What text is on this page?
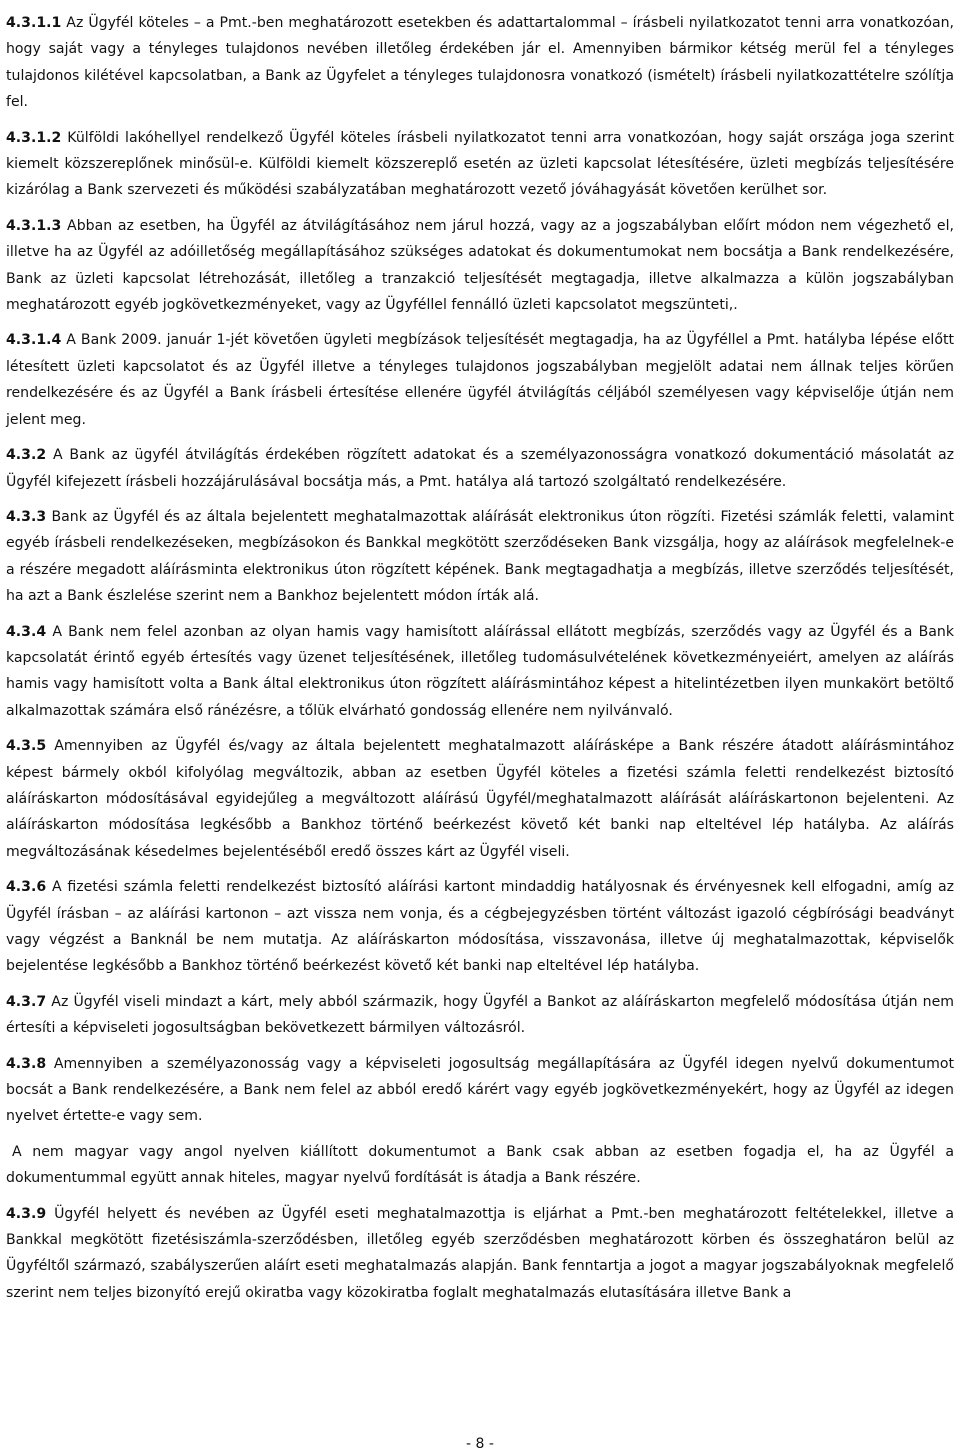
4.3.1.1 Az Ügyfél köteles – a Pmt.-ben meghatározott esetekben és adattartalommal – írásbeli nyilatkozatot tenni arra vonatkozóan, hogy saját vagy a tényleges tulajdonos nevében illetőleg érdekében jár el. Amennyiben bármikor kétség merül fel a tényleges tulajdonos kilétével kapcsolatban, a Bank az Ügyfelet a tényleges tulajdonosra vonatkozó (ismételt) írásbeli nyilatkozattételre szólítja fel.

4.3.1.2 Külföldi lakóhellyel rendelkező Ügyfél köteles írásbeli nyilatkozatot tenni arra vonatkozóan, hogy saját országa joga szerint kiemelt közszereplőnek minősül-e. Külföldi kiemelt közszereplő esetén az üzleti kapcsolat létesítésére, üzleti megbízás teljesítésére kizárólag a Bank szervezeti és működési szabályzatában meghatározott vezető jóváhagyását követően kerülhet sor.

4.3.1.3 Abban az esetben, ha Ügyfél az átvilágításához nem járul hozzá, vagy az a jogszabályban előírt módon nem végezhető el, illetve ha az Ügyfél az adóilletőség megállapításához szükséges adatokat és dokumentumokat nem bocsátja a Bank rendelkezésére, Bank az üzleti kapcsolat létrehozását, illetőleg a tranzakció teljesítését megtagadja, illetve alkalmazza a külön jogszabályban meghatározott egyéb jogkövetkezményeket, vagy az Ügyféllel fennálló üzleti kapcsolatot megszünteti,.

4.3.1.4 A Bank 2009. január 1-jét követően ügyleti megbízások teljesítését megtagadja, ha az Ügyféllel a Pmt. hatályba lépése előtt létesített üzleti kapcsolatot és az Ügyfél illetve a tényleges tulajdonos jogszabályban megjelölt adatai nem állnak teljes körűen rendelkezésére és az Ügyfél a Bank írásbeli értesítése ellenére ügyfél átvilágítás céljából személyesen vagy képviselője útján nem jelent meg.

4.3.2 A Bank az ügyfél átvilágítás érdekében rögzített adatokat és a személyazonosságra vonatkozó dokumentáció másolatát az Ügyfél kifejezett írásbeli hozzájárulásával bocsátja más, a Pmt. hatálya alá tartozó szolgáltató rendelkezésére.

4.3.3 Bank az Ügyfél és az általa bejelentett meghatalmazottak aláírását elektronikus úton rögzíti. Fizetési számlák feletti, valamint egyéb írásbeli rendelkezéseken, megbízásokon és Bankkal megkötött szerződéseken Bank vizsgálja, hogy az aláírások megfelelnek-e a részére megadott aláírásminta elektronikus úton rögzített képének. Bank megtagadhatja a megbízás, illetve szerződés teljesítését, ha azt a Bank észlelése szerint nem a Bankhoz bejelentett módon írták alá.

4.3.4 A Bank nem felel azonban az olyan hamis vagy hamisított aláírással ellátott megbízás, szerződés vagy az Ügyfél és a Bank kapcsolatát érintő egyéb értesítés vagy üzenet teljesítésének, illetőleg tudomásulvételének következményeiért, amelyen az aláírás hamis vagy hamisított volta a Bank által elektronikus úton rögzített aláírásmintához képest a hitelintézetben ilyen munkakört betöltő alkalmazottak számára első ránézésre, a tőlük elvárható gondosság ellenére nem nyilvánvaló.

4.3.5 Amennyiben az Ügyfél és/vagy az általa bejelentett meghatalmazott aláírásképe a Bank részére átadott aláírásmintához képest bármely okból kifolyólag megváltozik, abban az esetben Ügyfél köteles a fizetési számla feletti rendelkezést biztosító aláíráskarton módosításával egyidejűleg a megváltozott aláírású Ügyfél/meghatalmazott aláírását aláíráskartonon bejelenteni. Az aláíráskarton módosítása legkésőbb a Bankhoz történő beérkezést követő két banki nap elteltével lép hatályba. Az aláírás megváltozásának késedelmes bejelentéséből eredő összes kárt az Ügyfél viseli.

4.3.6 A fizetési számla feletti rendelkezést biztosító aláírási kartont mindaddig hatályosnak és érvényesnek kell elfogadni, amíg az Ügyfél írásban – az aláírási kartonon – azt vissza nem vonja, és a cégbejegyzésben történt változást igazoló cégbírósági beadványt vagy végzést a Banknál be nem mutatja. Az aláíráskarton módosítása, visszavonása, illetve új meghatalmazottak, képviselők bejelentése legkésőbb a Bankhoz történő beérkezést követő két banki nap elteltével lép hatályba.

4.3.7 Az Ügyfél viseli mindazt a kárt, mely abból származik, hogy Ügyfél a Bankot az aláíráskarton megfelelő módosítása útján nem értesíti a képviseleti jogosultságban bekövetkezett bármilyen változásról.

4.3.8 Amennyiben a személyazonosság vagy a képviseleti jogosultság megállapítására az Ügyfél idegen nyelvű dokumentumot bocsát a Bank rendelkezésére, a Bank nem felel az abból eredő kárért vagy egyéb jogkövetkezményekért, hogy az Ügyfél az idegen nyelvet értette-e vagy sem.

A nem magyar vagy angol nyelven kiállított dokumentumot a Bank csak abban az esetben fogadja el, ha az Ügyfél a dokumentummal együtt annak hiteles, magyar nyelvű fordítását is átadja a Bank részére.

4.3.9 Ügyfél helyett és nevében az Ügyfél eseti meghatalmazottja is eljárhat a Pmt.-ben meghatározott feltételekkel, illetve a Bankkal megkötött fizetésiszámla-szerződésben, illetőleg egyéb szerződésben meghatározott körben és összeghatáron belül az Ügyféltől származó, szabályszerűen aláírt eseti meghatalmazás alapján. Bank fenntartja a jogot a magyar jogszabályoknak megfelelő szerint nem teljes bizonyító erejű okiratba vagy közokiratba foglalt meghatalmazás elutasítására illetve Bank a

- 8 -
